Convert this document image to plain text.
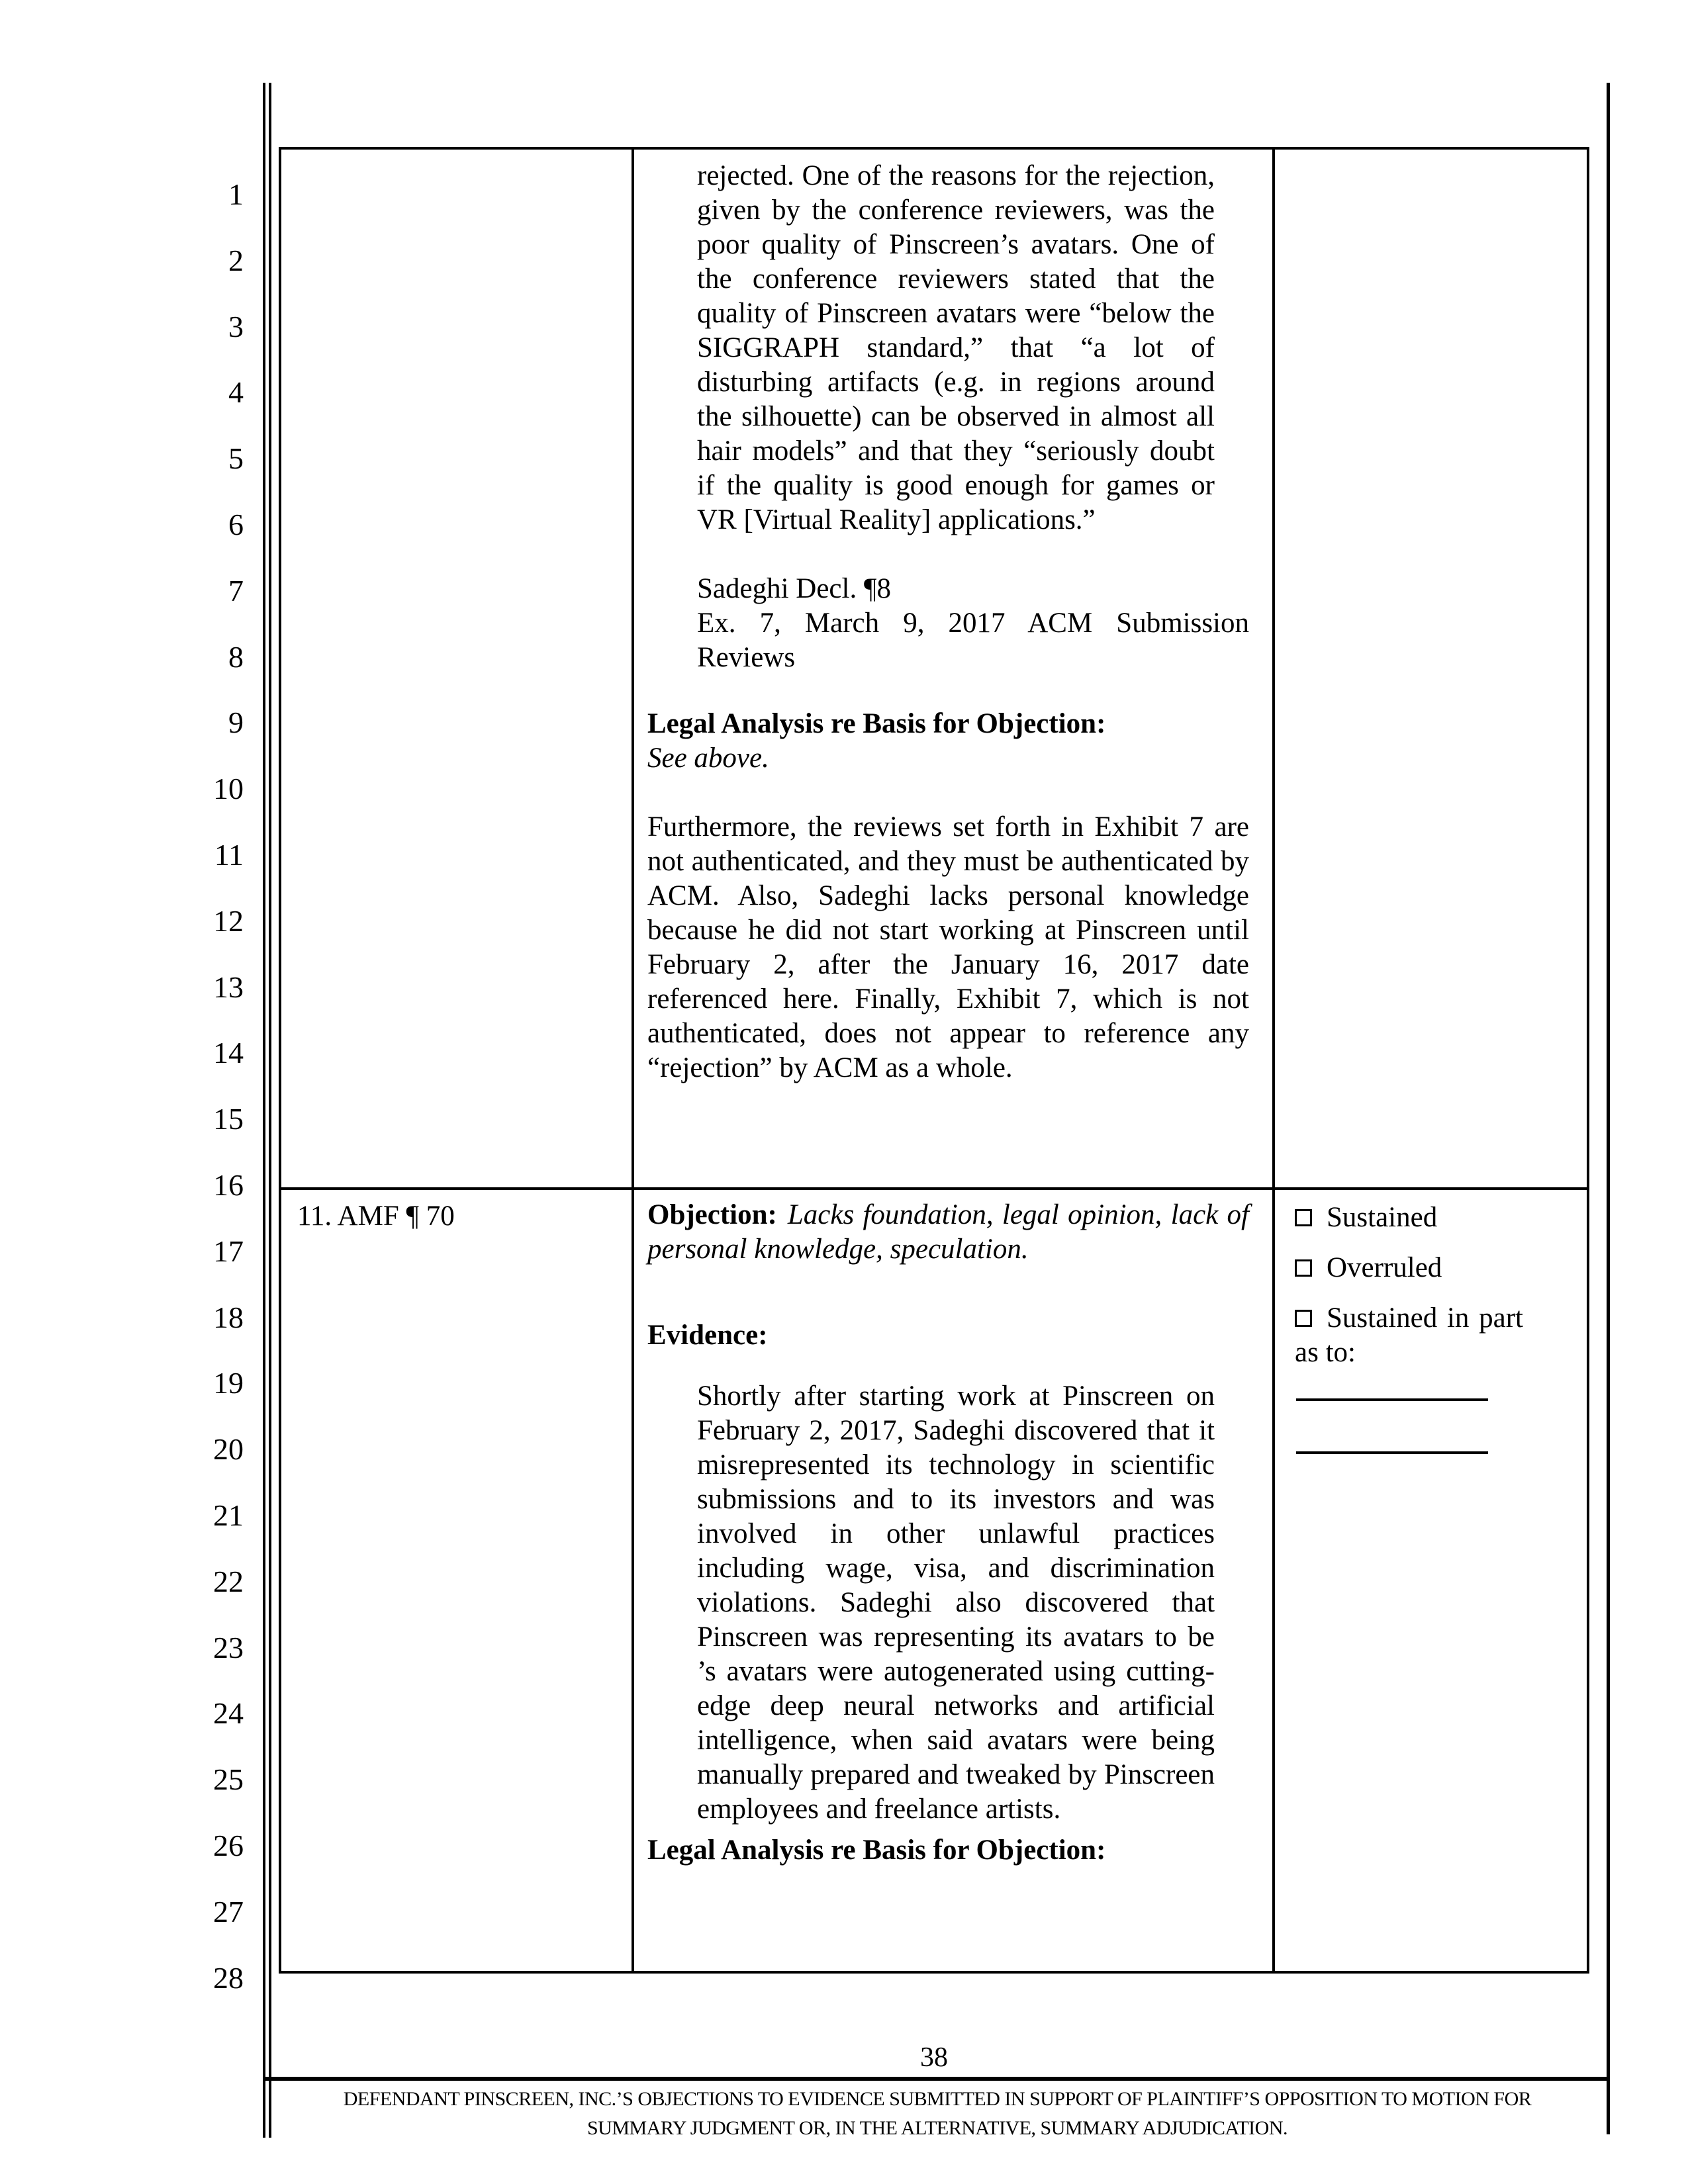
1
2
3
4
5
6
7
8
9
10
11
12
13
14
15
16
17
18
19
20
21
22
23
24
25
26
27
28
rejected. One of the reasons for the rejection, given by the conference reviewers, was the poor quality of Pinscreen’s avatars. One of the conference reviewers stated that the quality of Pinscreen avatars were “below the SIGGRAPH standard,” that “a lot of disturbing artifacts (e.g. in regions around the silhouette) can be observed in almost all hair models” and that they “seriously doubt if the quality is good enough for games or VR [Virtual Reality] applications.”
Sadeghi Decl. ¶8
Ex. 7, March 9, 2017 ACM Submission Reviews
Legal Analysis re Basis for Objection:
See above.
Furthermore, the reviews set forth in Exhibit 7 are not authenticated, and they must be authenticated by ACM. Also, Sadeghi lacks personal knowledge because he did not start working at Pinscreen until February 2, after the January 16, 2017 date referenced here. Finally, Exhibit 7, which is not authenticated, does not appear to reference any “rejection” by ACM as a whole.
11. AMF ¶ 70	Objection: Lacks foundation, legal opinion, lack of personal knowledge, speculation.
Evidence:
Shortly after starting work at Pinscreen on February 2, 2017, Sadeghi discovered that it misrepresented its technology in scientific submissions and to its investors and was involved in other unlawful practices including wage, visa, and discrimination violations. Sadeghi also discovered that Pinscreen was representing its avatars to be ’s avatars were autogenerated using cutting-edge deep neural networks and artificial intelligence, when said avatars were being manually prepared and tweaked by Pinscreen employees and freelance artists.
Legal Analysis re Basis for Objection:
Sustained
Overruled
Sustained in part as to:
38
DEFENDANT PINSCREEN, INC.’S OBJECTIONS TO EVIDENCE SUBMITTED IN SUPPORT OF PLAINTIFF’S OPPOSITION TO MOTION FOR
SUMMARY JUDGMENT OR, IN THE ALTERNATIVE, SUMMARY ADJUDICATION.
